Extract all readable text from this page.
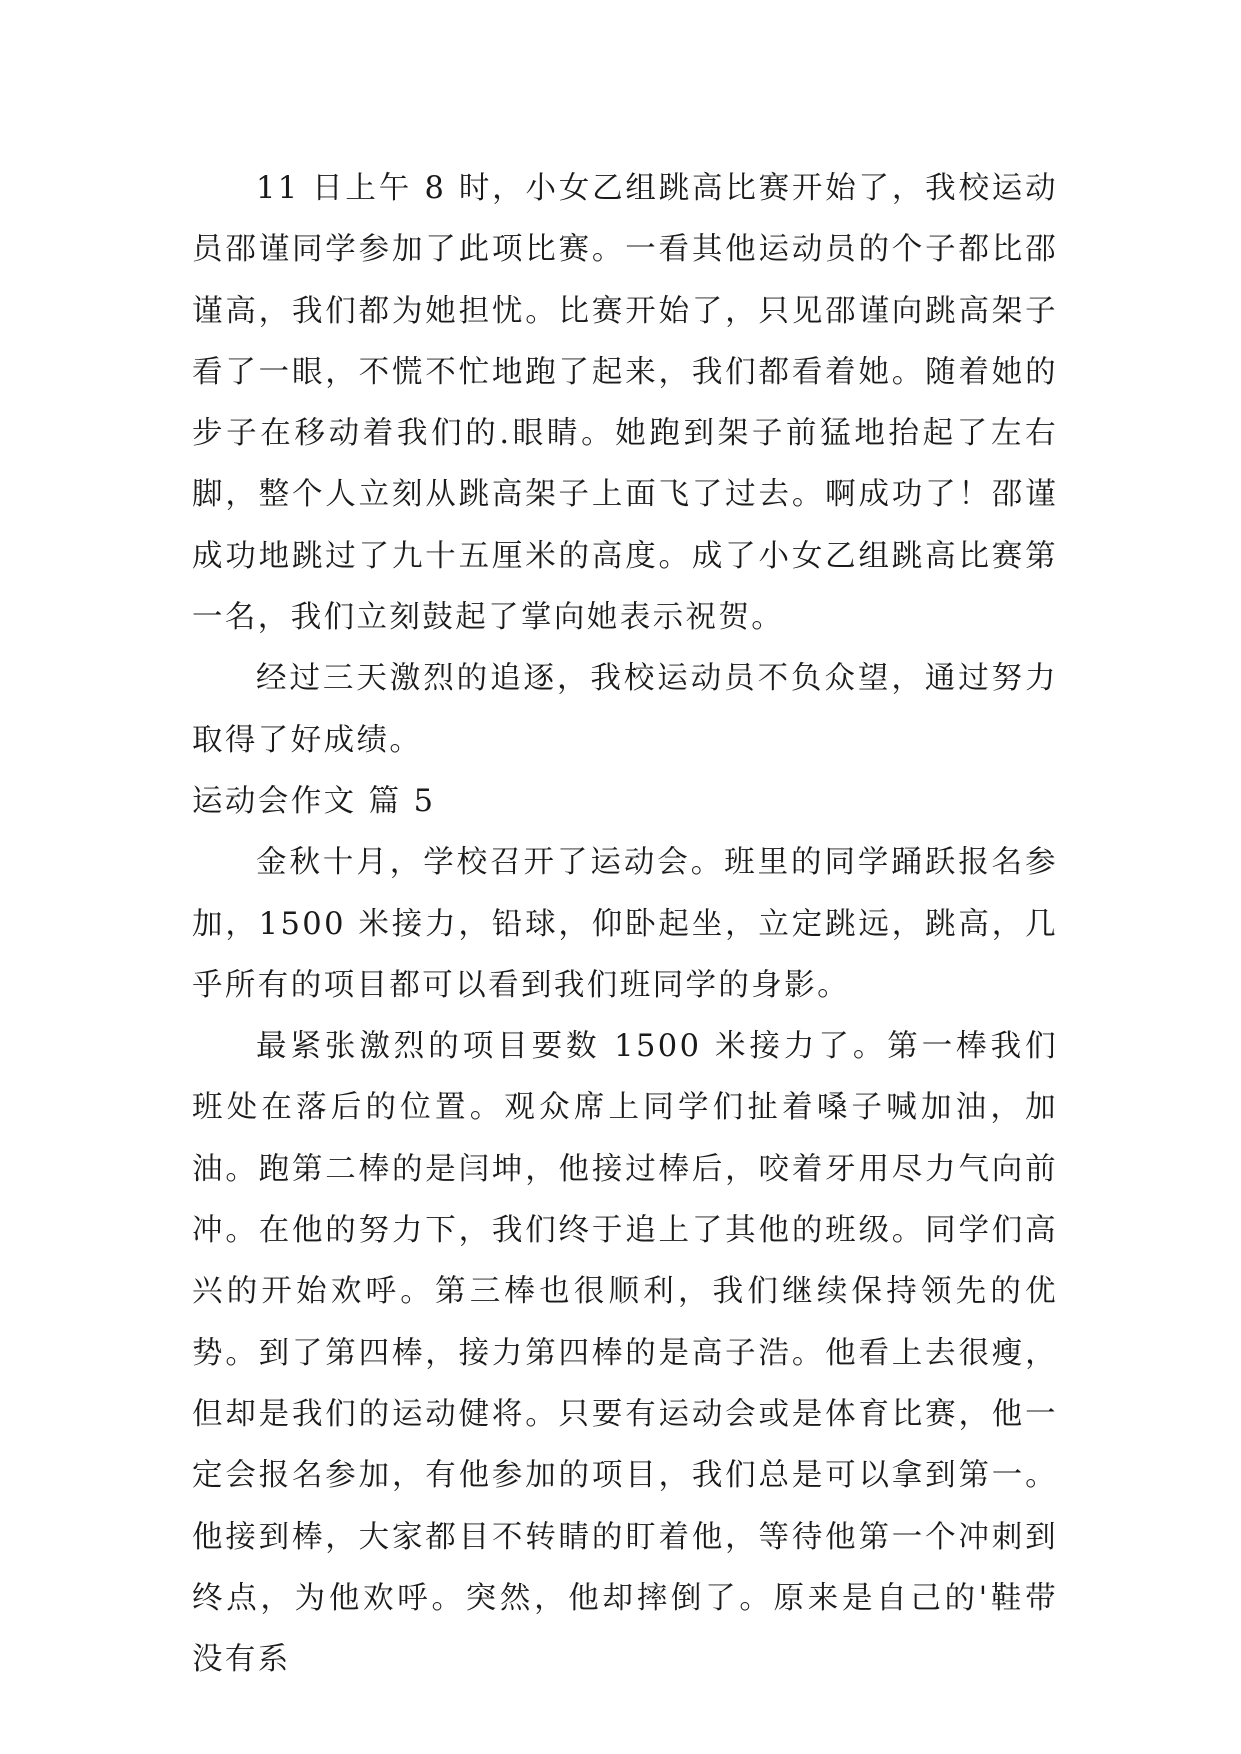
11 日上午 8 时，小女乙组跳高比赛开始了，我校运动员邵谨同学参加了此项比赛。一看其他运动员的个子都比邵谨高，我们都为她担忧。比赛开始了，只见邵谨向跳高架子看了一眼，不慌不忙地跑了起来，我们都看着她。随着她的步子在移动着我们的.眼睛。她跑到架子前猛地抬起了左右脚，整个人立刻从跳高架子上面飞了过去。啊成功了！邵谨成功地跳过了九十五厘米的高度。成了小女乙组跳高比赛第一名，我们立刻鼓起了掌向她表示祝贺。

经过三天激烈的追逐，我校运动员不负众望，通过努力取得了好成绩。

运动会作文 篇 5

金秋十月，学校召开了运动会。班里的同学踊跃报名参加，1500 米接力，铅球，仰卧起坐，立定跳远，跳高，几乎所有的项目都可以看到我们班同学的身影。

最紧张激烈的项目要数 1500 米接力了。第一棒我们班处在落后的位置。观众席上同学们扯着嗓子喊加油，加油。跑第二棒的是闫坤，他接过棒后，咬着牙用尽力气向前冲。在他的努力下，我们终于追上了其他的班级。同学们高兴的开始欢呼。第三棒也很顺利，我们继续保持领先的优势。到了第四棒，接力第四棒的是高子浩。他看上去很瘦，但却是我们的运动健将。只要有运动会或是体育比赛，他一定会报名参加，有他参加的项目，我们总是可以拿到第一。他接到棒，大家都目不转睛的盯着他，等待他第一个冲刺到终点，为他欢呼。突然，他却摔倒了。原来是自己的'鞋带没有系
